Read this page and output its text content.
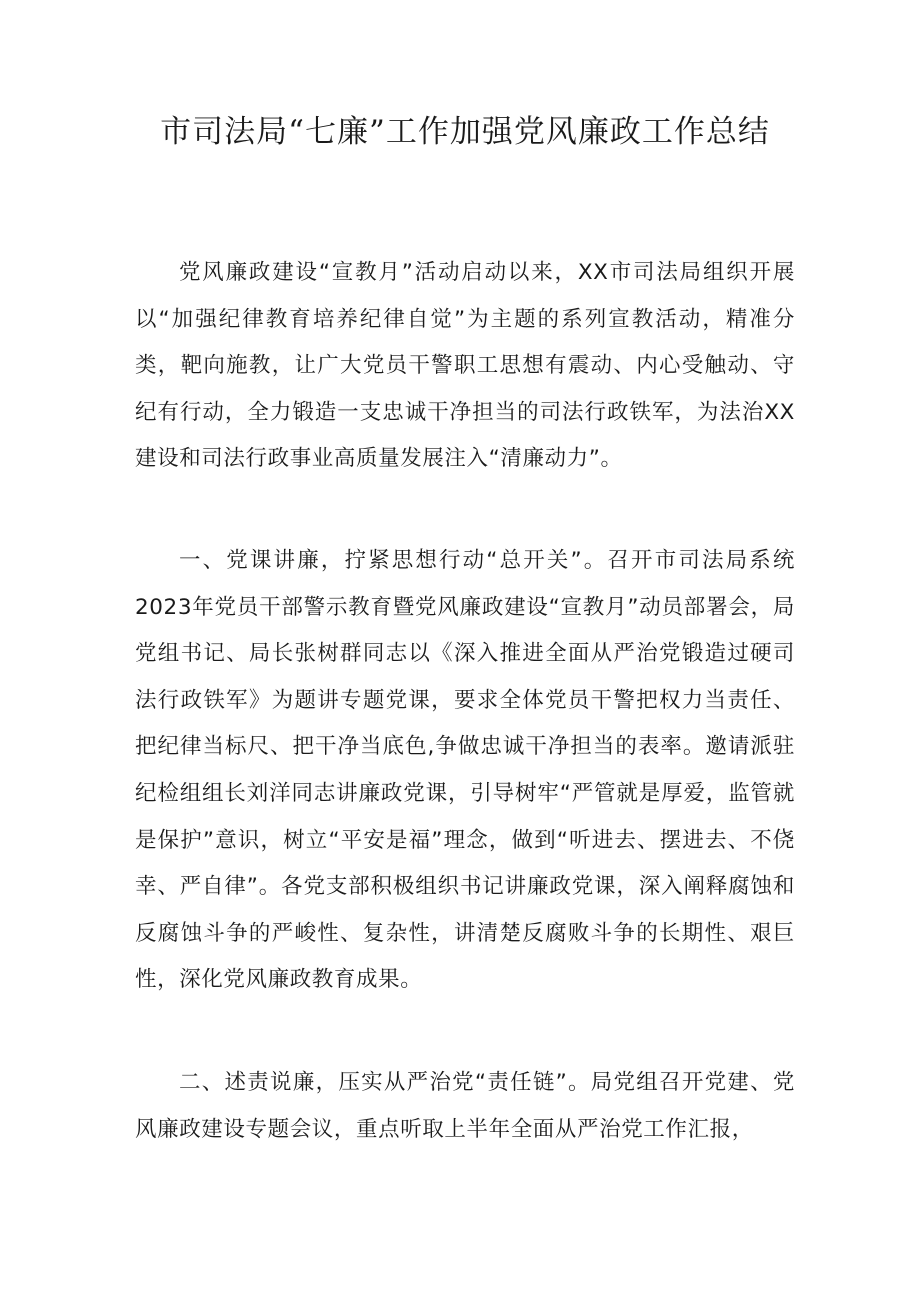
市司法局“七廉”工作加强党风廉政工作总结

党风廉政建设“宣教月”活动启动以来，XX市司法局组织开展以“加强纪律教育培养纪律自觉”为主题的系列宣教活动，精准分类，靶向施教，让广大党员干警职工思想有震动、内心受触动、守纪有行动，全力锻造一支忠诚干净担当的司法行政铁军，为法治XX建设和司法行政事业高质量发展注入“清廉动力”。

一、党课讲廉，拧紧思想行动“总开关”。召开市司法局系统2023年党员干部警示教育暨党风廉政建设“宣教月”动员部署会，局党组书记、局长张树群同志以《深入推进全面从严治党锻造过硬司法行政铁军》为题讲专题党课，要求全体党员干警把权力当责任、把纪律当标尺、把干净当底色,争做忠诚干净担当的表率。邀请派驻纪检组组长刘洋同志讲廉政党课，引导树牢“严管就是厚爱，监管就是保护”意识，树立“平安是福”理念，做到“听进去、摆进去、不侥幸、严自律”。各党支部积极组织书记讲廉政党课，深入阐释腐蚀和反腐蚀斗争的严峻性、复杂性，讲清楚反腐败斗争的长期性、艰巨性，深化党风廉政教育成果。

二、述责说廉，压实从严治党“责任链”。局党组召开党建、党风廉政建设专题会议，重点听取上半年全面从严治党工作汇报，
